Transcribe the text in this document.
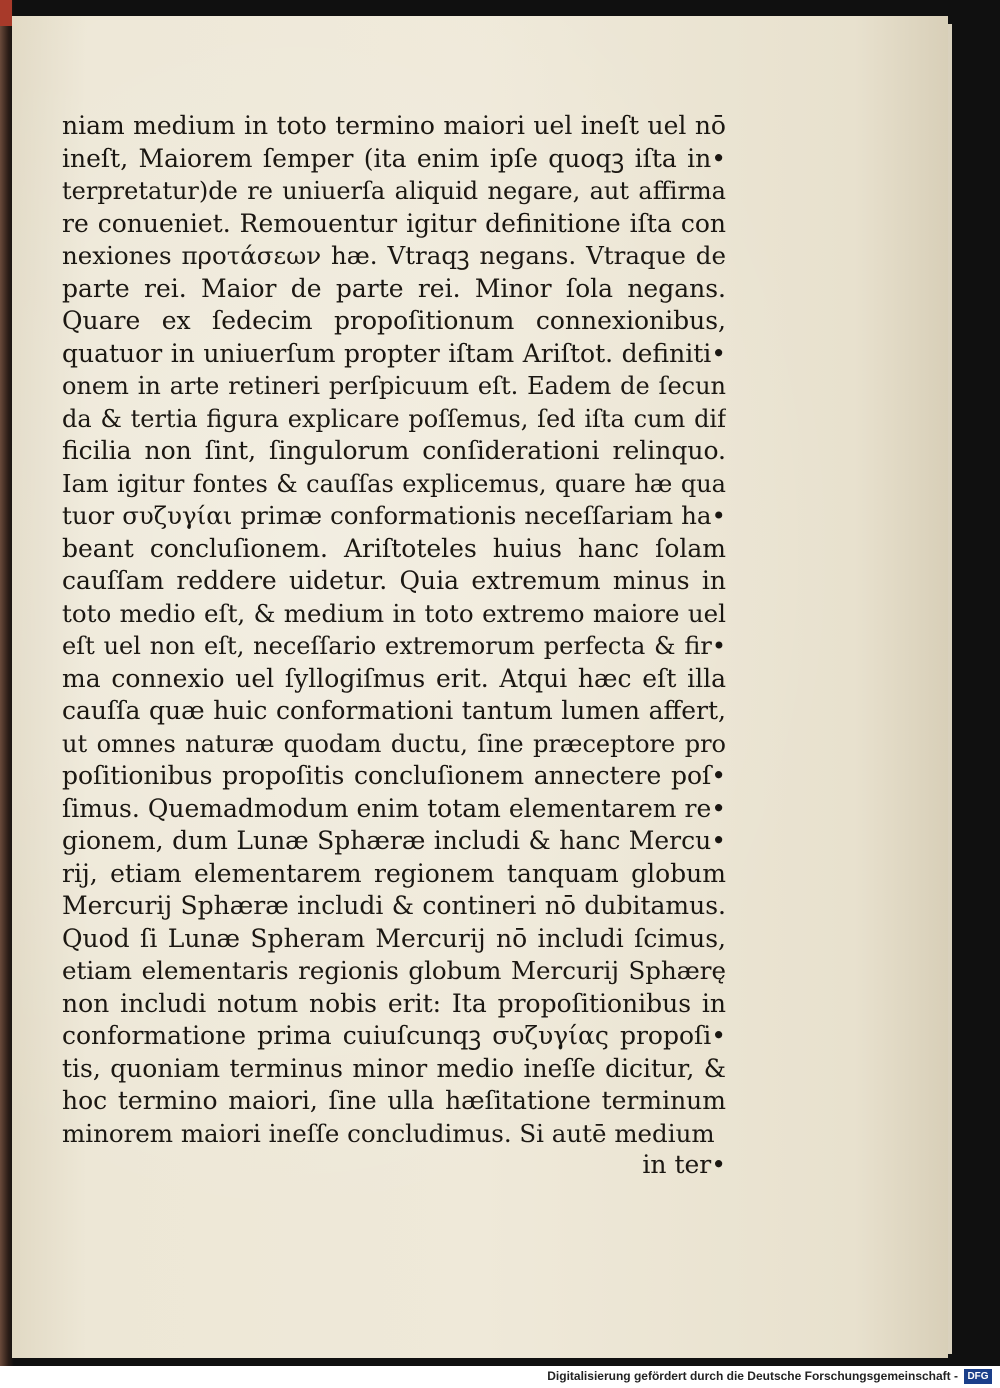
niam medium in toto termino maiori uel ineſt uel nō
ineſt, Maiorem ſemper (ita enim ipſe quoqꝫ iſta in•
terpretatur)de re uniuerſa aliquid negare, aut affirma
re conueniet. Remouentur igitur definitione iſta con
nexiones προτάσεων hæ. Vtraqꝫ negans. Vtraque de
parte rei. Maior de parte rei. Minor ſola negans.
Quare ex ſedecim propoſitionum connexionibus,
quatuor in uniuerſum propter iſtam Ariſtot. definiti•
onem in arte retineri perſpicuum eſt. Eadem de ſecun
da & tertia figura explicare poſſemus, ſed iſta cum dif
ficilia non ſint, ſingulorum conſiderationi relinquo.
Iam igitur fontes & cauſſas explicemus, quare hæ qua
tuor συζυγίαι primæ conformationis neceſſariam ha•
beant concluſionem. Ariſtoteles huius hanc ſolam
cauſſam reddere uidetur. Quia extremum minus in
toto medio eſt, & medium in toto extremo maiore uel
eſt uel non eſt, neceſſario extremorum perfecta & fir•
ma connexio uel ſyllogiſmus erit. Atqui hæc eſt illa
cauſſa quæ huic conformationi tantum lumen affert,
ut omnes naturæ quodam ductu, ſine præceptore pro
poſitionibus propoſitis concluſionem annectere poſ•
ſimus. Quemadmodum enim totam elementarem re•
gionem, dum Lunæ Sphæræ includi & hanc Mercu•
rij, etiam elementarem regionem tanquam globum
Mercurij Sphæræ includi & contineri nō dubitamus.
Quod ſi Lunæ Spheram Mercurij nō includi ſcimus,
etiam elementaris regionis globum Mercurij Sphærę
non includi notum nobis erit: Ita propoſitionibus in
conformatione prima cuiuſcunqꝫ συζυγίας propoſi•
tis, quoniam terminus minor medio ineſſe dicitur, &
hoc termino maiori, ſine ulla hæſitatione terminum
minorem maiori ineſſe concludimus. Si autē medium
in ter•
Digitalisierung gefördert durch die Deutsche Forschungsgemeinschaft - DFG
